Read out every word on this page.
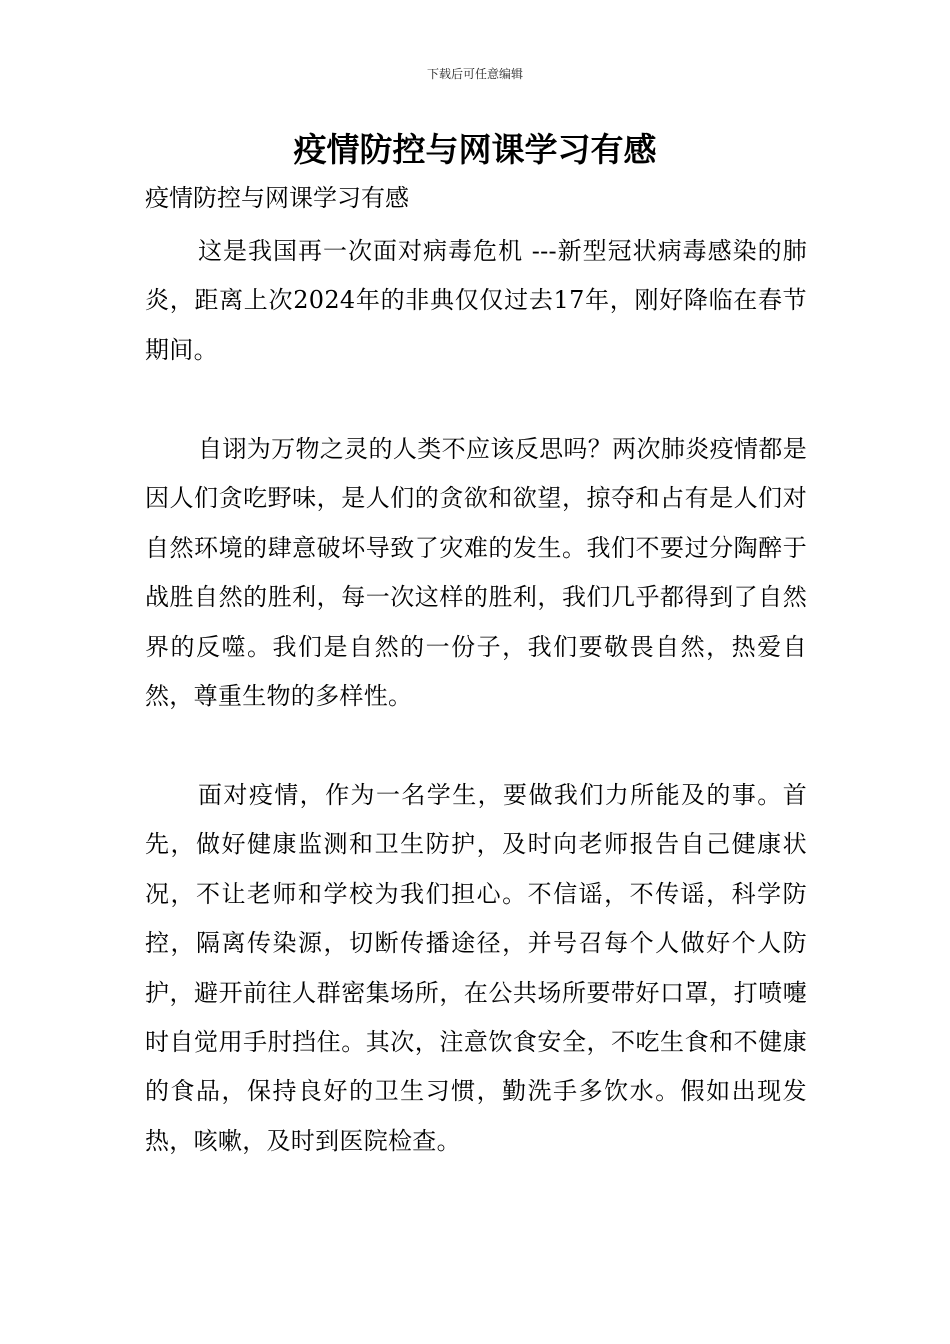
下载后可任意编辑
疫情防控与网课学习有感
疫情防控与网课学习有感

这是我国再一次面对病毒危机 ---新型冠状病毒感染的肺炎，距离上次2024年的非典仅仅过去17年，刚好降临在春节期间。

自诩为万物之灵的人类不应该反思吗？两次肺炎疫情都是因人们贪吃野味，是人们的贪欲和欲望，掠夺和占有是人们对自然环境的肆意破坏导致了灾难的发生。我们不要过分陶醉于战胜自然的胜利，每一次这样的胜利，我们几乎都得到了自然界的反噬。我们是自然的一份子，我们要敬畏自然，热爱自然，尊重生物的多样性。

面对疫情，作为一名学生，要做我们力所能及的事。首先，做好健康监测和卫生防护，及时向老师报告自己健康状况，不让老师和学校为我们担心。不信谣，不传谣，科学防控，隔离传染源，切断传播途径，并号召每个人做好个人防护，避开前往人群密集场所，在公共场所要带好口罩，打喷嚏时自觉用手肘挡住。其次，注意饮食安全，不吃生食和不健康的食品，保持良好的卫生习惯，勤洗手多饮水。假如出现发热，咳嗽，及时到医院检查。
